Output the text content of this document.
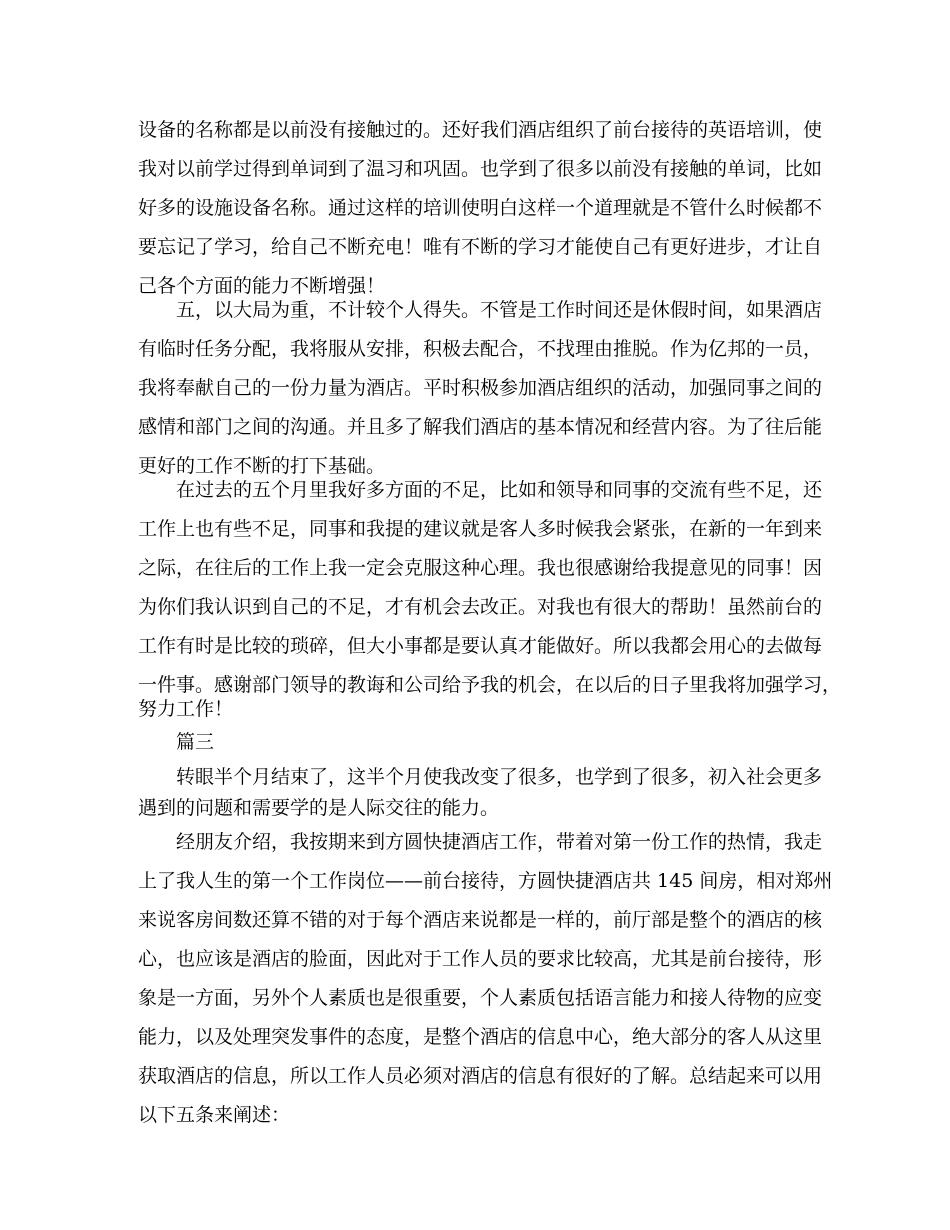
设备的名称都是以前没有接触过的。还好我们酒店组织了前台接待的英语培训，使
我对以前学过得到单词到了温习和巩固。也学到了很多以前没有接触的单词，比如
好多的设施设备名称。通过这样的培训使明白这样一个道理就是不管什么时候都不
要忘记了学习，给自己不断充电！唯有不断的学习才能使自己有更好进步，才让自
己各个方面的能力不断增强！
五，以大局为重，不计较个人得失。不管是工作时间还是休假时间，如果酒店
有临时任务分配，我将服从安排，积极去配合，不找理由推脱。作为亿邦的一员，
我将奉献自己的一份力量为酒店。平时积极参加酒店组织的活动，加强同事之间的
感情和部门之间的沟通。并且多了解我们酒店的基本情况和经营内容。为了往后能
更好的工作不断的打下基础。
在过去的五个月里我好多方面的不足，比如和领导和同事的交流有些不足，还
工作上也有些不足，同事和我提的建议就是客人多时候我会紧张，在新的一年到来
之际，在往后的工作上我一定会克服这种心理。我也很感谢给我提意见的同事！因
为你们我认识到自己的不足，才有机会去改正。对我也有很大的帮助！虽然前台的
工作有时是比较的琐碎，但大小事都是要认真才能做好。所以我都会用心的去做每
一件事。感谢部门领导的教诲和公司给予我的机会，在以后的日子里我将加强学习，
努力工作！
篇三
转眼半个月结束了，这半个月使我改变了很多，也学到了很多，初入社会更多
遇到的问题和需要学的是人际交往的能力。
经朋友介绍，我按期来到方圆快捷酒店工作，带着对第一份工作的热情，我走
上了我人生的第一个工作岗位——前台接待，方圆快捷酒店共 145 间房，相对郑州
来说客房间数还算不错的对于每个酒店来说都是一样的，前厅部是整个的酒店的核
心，也应该是酒店的脸面，因此对于工作人员的要求比较高，尤其是前台接待，形
象是一方面，另外个人素质也是很重要，个人素质包括语言能力和接人待物的应变
能力，以及处理突发事件的态度，是整个酒店的信息中心，绝大部分的客人从这里
获取酒店的信息，所以工作人员必须对酒店的信息有很好的了解。总结起来可以用
以下五条来阐述：
